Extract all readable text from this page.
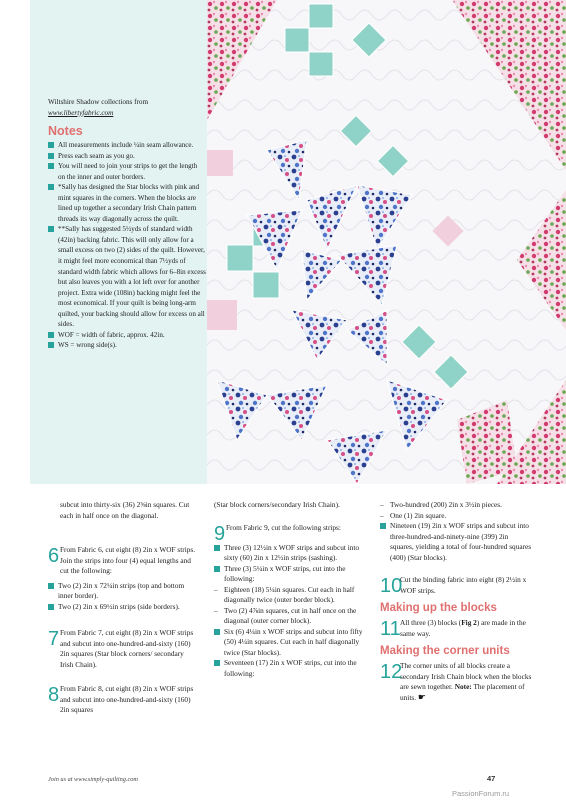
Wiltshire Shadow collections from
www.libertyfabric.com
Notes
All measurements include ¼in seam allowance.
Press each seam as you go.
You will need to join your strips to get the length on the inner and outer borders.
*Sally has designed the Star blocks with pink and mint squares in the corners. When the blocks are lined up together a secondary Irish Chain pattern threads its way diagonally across the quilt.
**Sally has suggested 5½yds of standard width (42in) backing fabric. This will only allow for a small excess on two (2) sides of the quilt. However, it might feel more economical than 7½yds of standard width fabric which allows for 6–8in excess but also leaves you with a lot left over for another project. Extra wide (108in) backing might feel the most economical. If your quilt is being long-arm quilted, your backing should allow for excess on all sides.
WOF = width of fabric, approx. 42in.
WS = wrong side(s).

subcut into thirty-six (36) 2⅝in squares. Cut each in half once on the diagonal.

6 From Fabric 6, cut eight (8) 2in x WOF strips. Join the strips into four (4) equal lengths and cut the following:

Two (2) 2in x 72¼in strips (top and bottom inner border).
Two (2) 2in x 69½in strips (side borders).
7 From Fabric 7, cut eight (8) 2in x WOF strips and subcut into one-hundred-and-sixty (160) 2in squares (Star block corners/ secondary Irish Chain).

8 From Fabric 8, cut eight (8) 2in x WOF strips and subcut into one-hundred-and-sixty (160) 2in squares

(Star block corners/secondary Irish Chain).

9 From Fabric 9, cut the following strips:

Three (3) 12½in x WOF strips and subcut into sixty (60) 2in x 12½in strips (sashing).
Three (3) 5¼in x WOF strips, cut into the following:
– Eighteen (18) 5¼in squares. Cut each in half diagonally twice (outer border block).
– Two (2) 4⅞in squares, cut in half once on the diagonal (outer corner block).
Six (6) 4¼in x WOF strips and subcut into fifty (50) 4¼in squares. Cut each in half diagonally twice (Star blocks).
Seventeen (17) 2in x WOF strips, cut into the following:
– Two-hundred (200) 2in x 3½in pieces.
– One (1) 2in square.
Nineteen (19) 2in x WOF strips and subcut into three-hundred-and-ninety-nine (399) 2in squares, yielding a total of four-hundred squares (400) (Star blocks).
10

Cut the binding fabric into eight (8) 2½in x WOF strips.

Making up the blocks
11 All three (3) blocks (Fig 2) are made in the same way.

Making the corner units
12

The corner units of all blocks create a secondary Irish Chain block when the blocks are sewn together. Note: The placement of units. ☛

Join us at www.simply-quilting.com	47
PassionForum.ru
